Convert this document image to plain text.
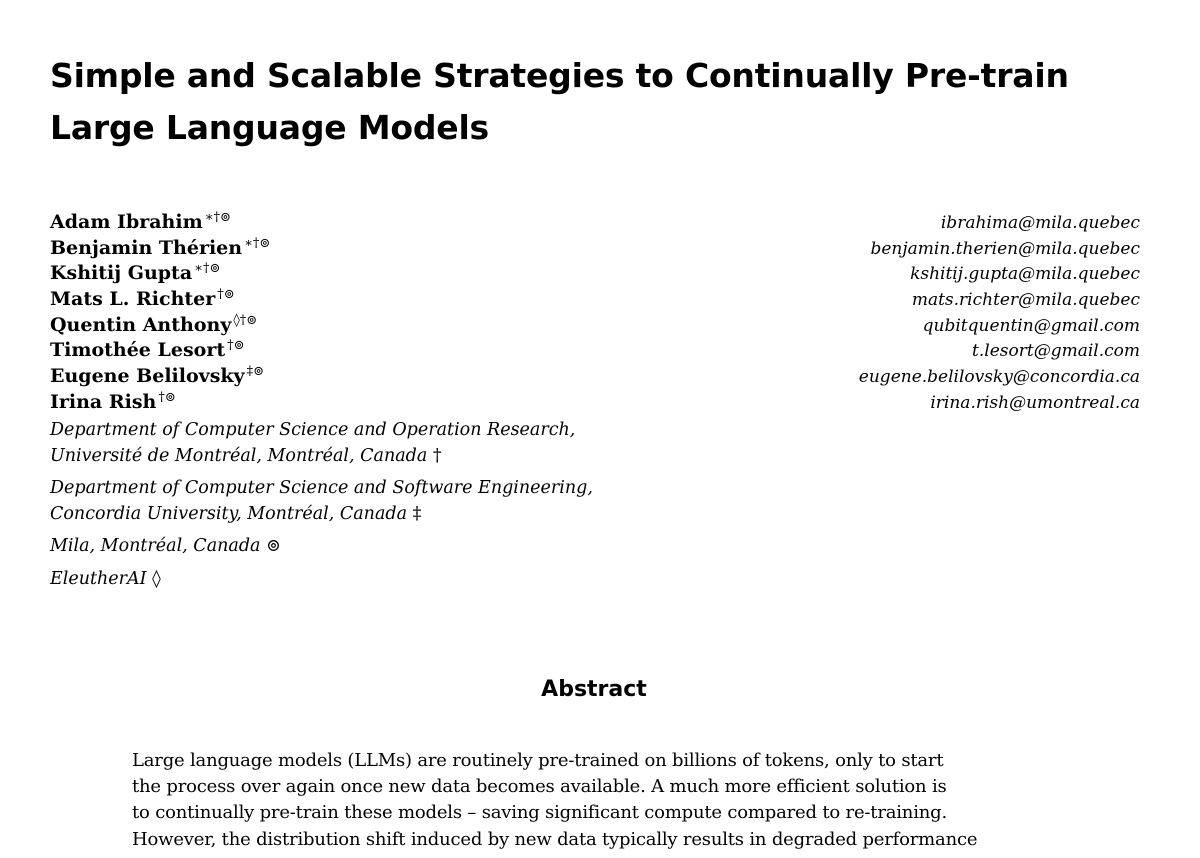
Simple and Scalable Strategies to Continually Pre-train
Large Language Models
Adam Ibrahim ∗†⊚	ibrahima@mila.quebec
Benjamin Thérien ∗†⊚	benjamin.therien@mila.quebec
Kshitij Gupta ∗†⊚	kshitij.gupta@mila.quebec
Mats L. Richter †⊚	mats.richter@mila.quebec
Quentin Anthony ◊†⊚	qubitquentin@gmail.com
Timothée Lesort †⊚	t.lesort@gmail.com
Eugene Belilovsky ‡⊚	eugene.belilovsky@concordia.ca
Irina Rish †⊚	irina.rish@umontreal.ca
Department of Computer Science and Operation Research,
Université de Montréal, Montréal, Canada †
Department of Computer Science and Software Engineering,
Concordia University, Montréal, Canada ‡
Mila, Montréal, Canada ⊚
EleutherAI ◊
Abstract
Large language models (LLMs) are routinely pre-trained on billions of tokens, only to start
the process over again once new data becomes available. A much more efficient solution is
to continually pre-train these models – saving significant compute compared to re-training.
However, the distribution shift induced by new data typically results in degraded performance
